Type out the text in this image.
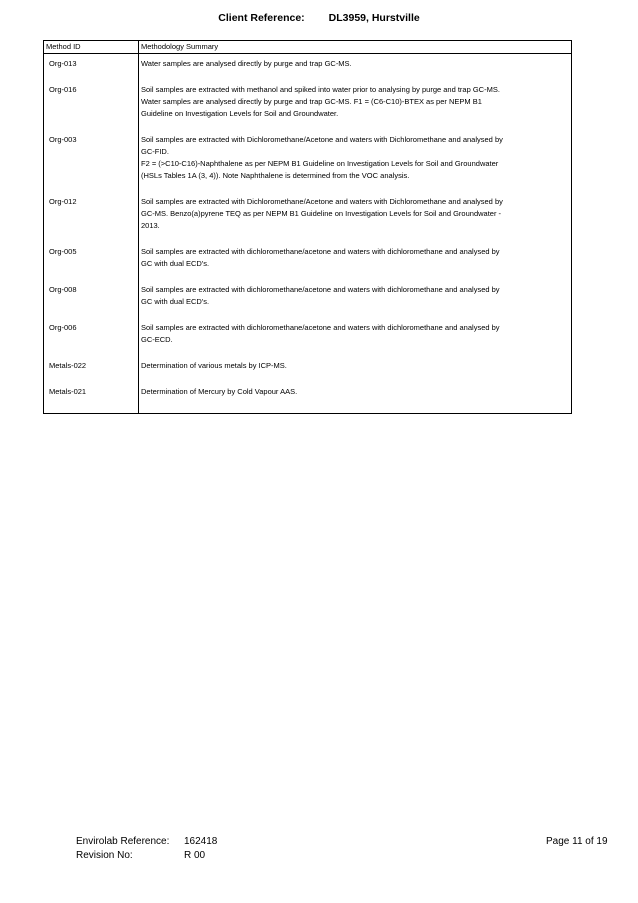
Client Reference: DL3959, Hurstville
Method ID	Methodology Summary

Org-013	Water samples are analysed directly by purge and trap GC-MS.

Org-016	Soil samples are extracted with methanol and spiked into water prior to analysing by purge and trap GC-MS.
Water samples are analysed directly by purge and trap GC-MS. F1 = (C6-C10)-BTEX as per NEPM B1
Guideline on Investigation Levels for Soil and Groundwater.

Org-003	Soil samples are extracted with Dichloromethane/Acetone and waters with Dichloromethane and analysed by
GC-FID.
F2 = (>C10-C16)-Naphthalene as per NEPM B1 Guideline on Investigation Levels for Soil and Groundwater
(HSLs Tables 1A (3, 4)). Note Naphthalene is determined from the VOC analysis.

Org-012	Soil samples are extracted with Dichloromethane/Acetone and waters with Dichloromethane and analysed by
GC-MS. Benzo(a)pyrene TEQ as per NEPM B1 Guideline on Investigation Levels for Soil and Groundwater -
2013.

Org-005	Soil samples are extracted with dichloromethane/acetone and waters with dichloromethane and analysed by
GC with dual ECD's.

Org-008	Soil samples are extracted with dichloromethane/acetone and waters with dichloromethane and analysed by
GC with dual ECD's.

Org-006	Soil samples are extracted with dichloromethane/acetone and waters with dichloromethane and analysed by
GC-ECD.

Metals-022	Determination of various metals by ICP-MS.

Metals-021	Determination of Mercury by Cold Vapour AAS.
Envirolab Reference: 162418
Revision No:	R 00
Page 11 of 19
